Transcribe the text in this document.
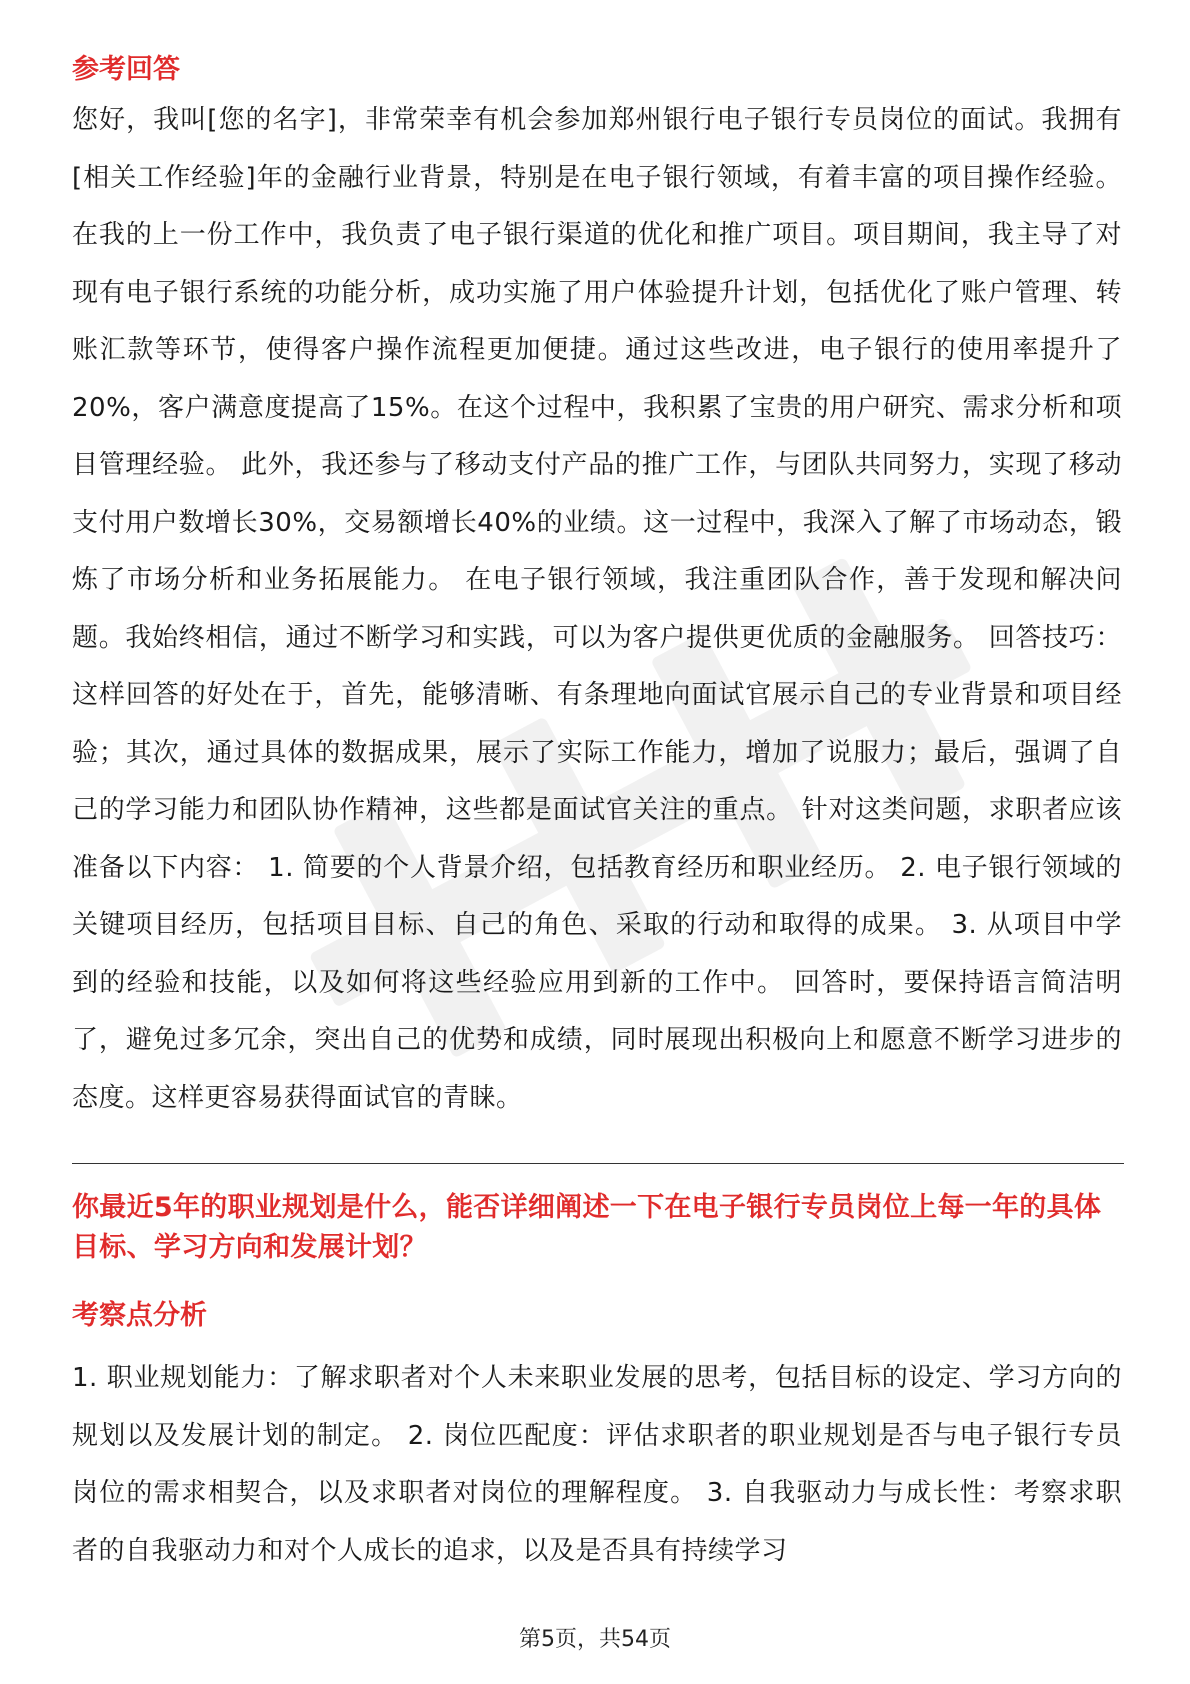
参考回答

您好，我叫[您的名字]，非常荣幸有机会参加郑州银行电子银行专员岗位的面试。我拥有[相关工作经验]年的金融行业背景，特别是在电子银行领域，有着丰富的项目操作经验。 在我的上一份工作中，我负责了电子银行渠道的优化和推广项目。项目期间，我主导了对现有电子银行系统的功能分析，成功实施了用户体验提升计划，包括优化了账户管理、转账汇款等环节，使得客户操作流程更加便捷。通过这些改进，电子银行的使用率提升了20%，客户满意度提高了15%。在这个过程中，我积累了宝贵的用户研究、需求分析和项目管理经验。 此外，我还参与了移动支付产品的推广工作，与团队共同努力，实现了移动支付用户数增长30%，交易额增长40%的业绩。这一过程中，我深入了解了市场动态，锻炼了市场分析和业务拓展能力。 在电子银行领域，我注重团队合作，善于发现和解决问题。我始终相信，通过不断学习和实践，可以为客户提供更优质的金融服务。 回答技巧： 这样回答的好处在于，首先，能够清晰、有条理地向面试官展示自己的专业背景和项目经验；其次，通过具体的数据成果，展示了实际工作能力，增加了说服力；最后，强调了自己的学习能力和团队协作精神，这些都是面试官关注的重点。 针对这类问题，求职者应该准备以下内容： 1. 简要的个人背景介绍，包括教育经历和职业经历。 2. 电子银行领域的关键项目经历，包括项目目标、自己的角色、采取的行动和取得的成果。 3. 从项目中学到的经验和技能，以及如何将这些经验应用到新的工作中。 回答时，要保持语言简洁明了，避免过多冗余，突出自己的优势和成绩，同时展现出积极向上和愿意不断学习进步的态度。这样更容易获得面试官的青睐。

你最近5年的职业规划是什么，能否详细阐述一下在电子银行专员岗位上每一年的具体目标、学习方向和发展计划？
考察点分析

1. 职业规划能力：了解求职者对个人未来职业发展的思考，包括目标的设定、学习方向的规划以及发展计划的制定。 2. 岗位匹配度：评估求职者的职业规划是否与电子银行专员岗位的需求相契合，以及求职者对岗位的理解程度。 3. 自我驱动力与成长性：考察求职者的自我驱动力和对个人成长的追求，以及是否具有持续学习

第5页，共54页
